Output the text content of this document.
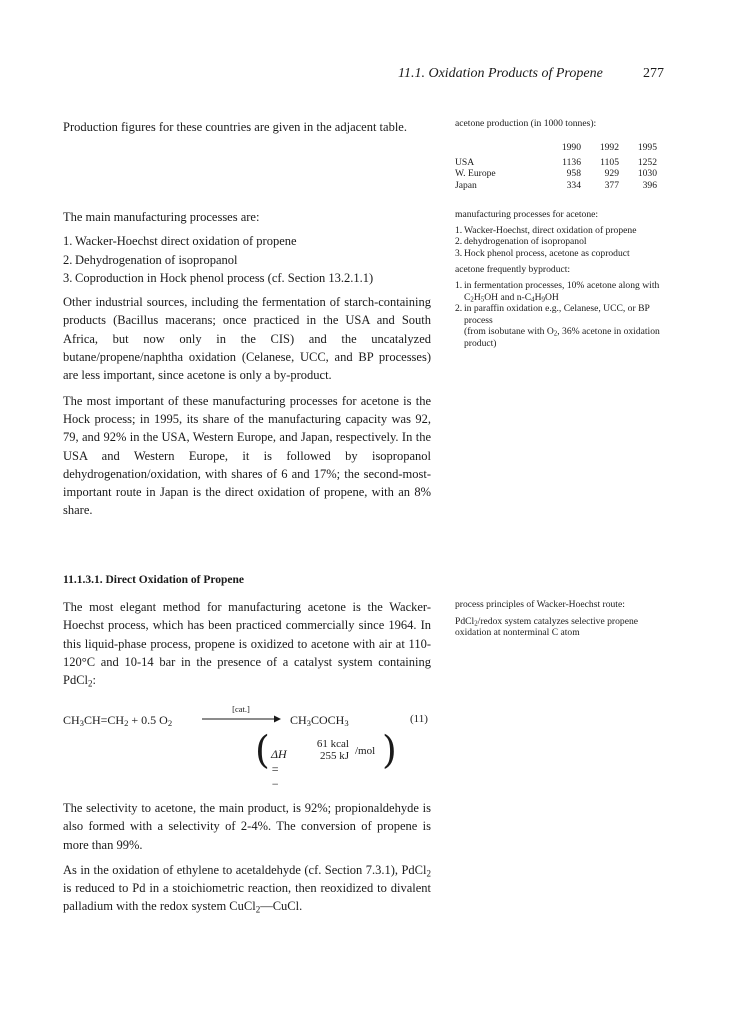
11.1. Oxidation Products of Propene	277

Production figures for these countries are given in the adjacent table.	acetone production (in 1000 tonnes):

	1990	1992	1995

USA	1136	1105	1252
W. Europe	958	929	1030
Japan	334	377	396

The main manufacturing processes are:

1. Wacker-Hoechst direct oxidation of propene
2. Dehydrogenation of isopropanol
3. Coproduction in Hock phenol process (cf. Section 13.2.1.1)

Other industrial sources, including the fermentation of starch-containing products (Bacillus macerans; once practiced in the USA and South Africa, but now only in the CIS) and the uncatalyzed butane/propene/naphtha oxidation (Celanese, UCC, and BP processes) are less important, since acetone is only a by-product.

The most important of these manufacturing processes for acetone is the Hock process; in 1995, its share of the manufacturing capacity was 92, 79, and 92% in the USA, Western Europe, and Japan, respectively. In the USA and Western Europe, it is followed by isopropanol dehydrogenation/oxidation, with shares of 6 and 17%; the second-most-important route in Japan is the direct oxidation of propene, with an 8% share.

manufacturing processes for acetone:

1. Wacker-Hoechst, direct oxidation of propene
2. dehydrogenation of isopropanol
3. Hock phenol process, acetone as coproduct

acetone frequently byproduct:

1. in fermentation processes, 10% acetone along with $C_2H_5OH$ and $n-C_4H_9OH$
2. in paraffin oxidation e.g., Celanese, UCC, or BP process
(from isobutane with $O_2$, 36% acetone in oxidation product)
11.1.3.1. Direct Oxidation of Propene

The most elegant method for manufacturing acetone is the Wacker-Hoechst process, which has been practiced commercially since 1964. In this liquid-phase process, propene is oxidized to acetone with air at 110-120°C and 10-14 bar in the presence of a catalyst system containing PdCl$_2$:

process principles of Wacker-Hoechst route:

PdCl$_2$/redox system catalyzes selective propene oxidation at nonterminal C atom

$CH_3CH=CH_2 + 0.5$ $O_2$
[cat.]
$CH_3COCH_3$	(11)
( ΔH = −
61 kcal
255 kJ /mol )

The selectivity to acetone, the main product, is 92%; propionaldehyde is also formed with a selectivity of 2-4%. The conversion of propene is more than 99%.

As in the oxidation of ethylene to acetaldehyde (cf. Section 7.3.1), PdCl$_2$ is reduced to Pd in a stoichiometric reaction, then reoxidized to divalent palladium with the redox system CuCl$_2$—CuCl.
